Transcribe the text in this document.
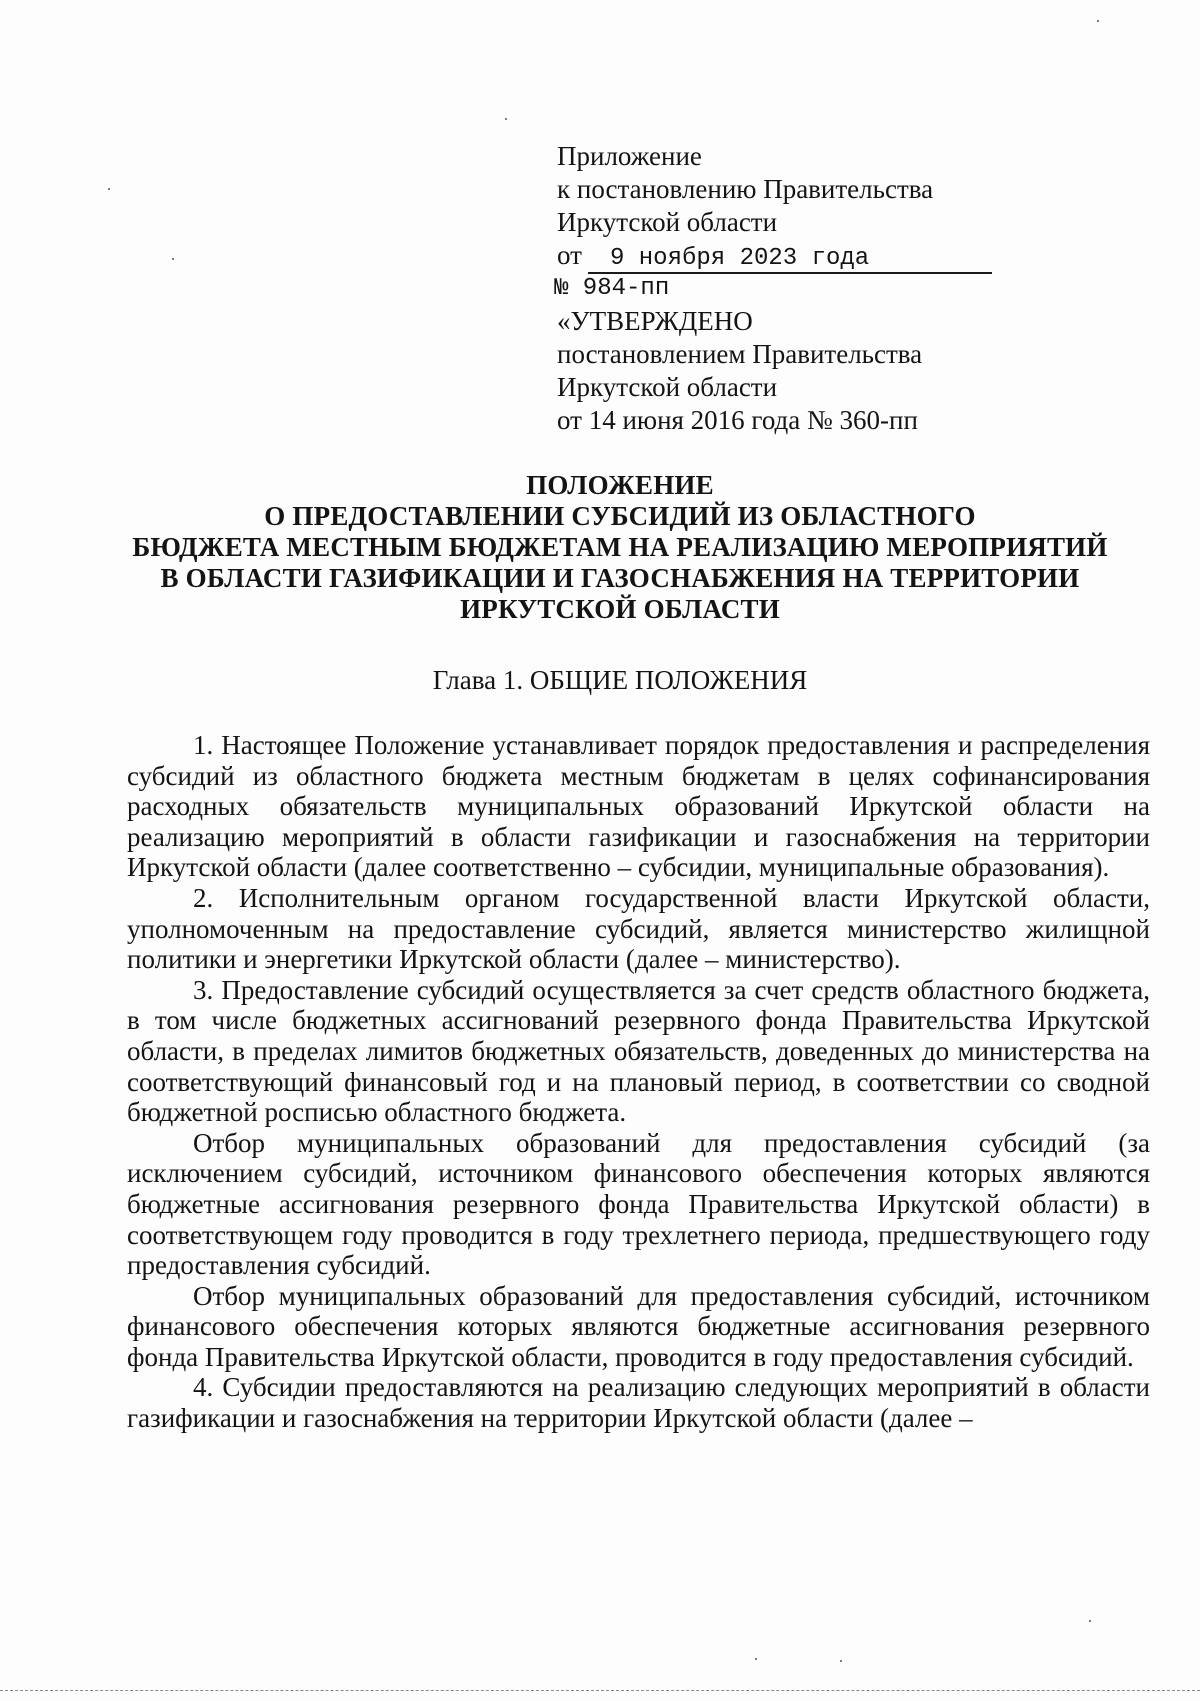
Приложение
к постановлению Правительства
Иркутской области
от 9 ноября 2023 года
№ 984-пп
«УТВЕРЖДЕНО
постановлением Правительства
Иркутской области
от 14 июня 2016 года № 360-пп
ПОЛОЖЕНИЕ
О ПРЕДОСТАВЛЕНИИ СУБСИДИЙ ИЗ ОБЛАСТНОГО
БЮДЖЕТА МЕСТНЫМ БЮДЖЕТАМ НА РЕАЛИЗАЦИЮ МЕРОПРИЯТИЙ
В ОБЛАСТИ ГАЗИФИКАЦИИ И ГАЗОСНАБЖЕНИЯ НА ТЕРРИТОРИИ
ИРКУТСКОЙ ОБЛАСТИ
Глава 1. ОБЩИЕ ПОЛОЖЕНИЯ

1. Настоящее Положение устанавливает порядок предоставления и распределения субсидий из областного бюджета местным бюджетам в целях софинансирования расходных обязательств муниципальных образований Иркутской области на реализацию мероприятий в области газификации и газоснабжения на территории Иркутской области (далее соответственно – субсидии, муниципальные образования).

2. Исполнительным органом государственной власти Иркутской области, уполномоченным на предоставление субсидий, является министерство жилищной политики и энергетики Иркутской области (далее – министерство).

3. Предоставление субсидий осуществляется за счет средств областного бюджета, в том числе бюджетных ассигнований резервного фонда Правительства Иркутской области, в пределах лимитов бюджетных обязательств, доведенных до министерства на соответствующий финансовый год и на плановый период, в соответствии со сводной бюджетной росписью областного бюджета.

Отбор муниципальных образований для предоставления субсидий (за исключением субсидий, источником финансового обеспечения которых являются бюджетные ассигнования резервного фонда Правительства Иркутской области) в соответствующем году проводится в году трехлетнего периода, предшествующего году предоставления субсидий.

Отбор муниципальных образований для предоставления субсидий, источником финансового обеспечения которых являются бюджетные ассигнования резервного фонда Правительства Иркутской области, проводится в году предоставления субсидий.

4. Субсидии предоставляются на реализацию следующих мероприятий в области газификации и газоснабжения на территории Иркутской области (далее –
